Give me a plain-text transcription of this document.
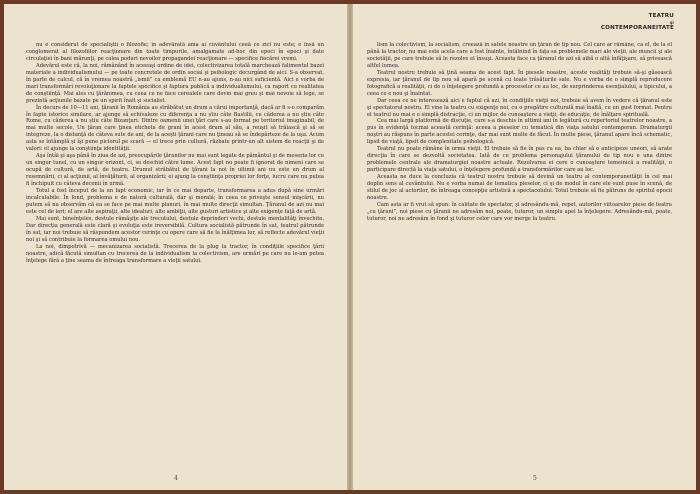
nu e considerat de specialiştii o filozofie; în adevărată ama ai cuvântului ceeă ce zici nu este; e însă un conglomerat al filozofiilor reacţionare din toate timpurile, amalgamate ad-hoc din epoci în epoci şi date circulaţiei în bani mărunţi, pe calea poduri nevoilor propagandei reacţionare — specifice fiecărei vremi.

Adevărul este că, la noi, rămânând în aceeaşi ordine de idei, colectivizarea totală marchează falimentul bazei materiale a individualismului — pe toate concretele de ordin social şi psihologic decurgând de aici. S-a observat, în parte de calcul, că în vremea noastră „ismii” ca emblemă EU n-au ajuns, n-au nici suficientă. Aici e vorba de mari transformări revoluţionare la faptele specifice şi faptura publică a individualismului, ca raport cu realitatea de conştiinţă. Mai ales cu ţărănimea, cu ceea ce ne face cerealele care devin mai greu şi mai nevoie să lege, se prezintă acţiunile bazate pe un spirit înalt şi socialist.

În decurs de 10—11 ani, ţăranii în România au străbătut un drum a cărui importanţă, dacă ar fi s-o comparăm în fapte istorice similare, ar ajunge să echivaleze cu diferenţa a nu știu câte Bastilii, cu căderea a nu știu câte Rome, cu căderea a nu știu câte Bizanţuri. Dintre oamenii unei ţări care s-au format pe teritoriul imaginabil, de mai multe secole, Un ţăran care ţinea eticheta de grani în acest drum al său, a reuşit să trăiască şi să se integreze, la o distanţă de câteva sute de ani, de la aceşti ţărani care nu ţineau să se îndepărteze de la uşa. Acum asta se întâmplă şi îşi pune piciorul pe scară — el trece prin cultură, răzbate printr-un alt sistem de reacţii şi de valori: el ajunge la conştiinţa identităţii.

Aşa întâi şi aşa până în ziua de azi, preocupările ţăranilor nu mai sunt legate de pământul şi de meseria lor cu un singur tunel, cu un singur orizont, ci, se deschid către lume. Acest fapt nu poate fi ignorat de nimeni care se ocupă de cultură, de artă, de teatru. Drumul străbătut de ţărani la noi în ultimii ani nu este un drum al resemnării, ci al acţiunii, al învăţăturii, al organizării; ei ajung la conştiinţa propriei lor forţe, lucru care nu putea fi închipuit cu câteva decenii în urmă.

Totul a fost început de la un fapt economic, iar în ce mai departe, transformarea a adus după sine urmări incalculabile. În fond, problema e de natură culturală, dar şi morală; în ceea ce priveşte sensul mişcării, nu putem să nu observăm că ea se face pe mai multe planuri, în mai multe direcţii simultan. Ţăranul de azi nu mai este cel de ieri; el are alte aspiraţii, alte idealuri, alte ambiţii, alte gusturi artistice şi alte exigenţe faţă de artă.

Mai sunt, bineînţeles, destule rămăşiţe ale trecutului, destule deprinderi vechi, destule mentalităţi învechite. Dar direcţia generală este clară şi evoluţia este ireversibilă. Cultura socialistă pătrunde în sat, teatrul pătrunde în sat, iar noi trebuie să răspundem acestor cerinţe cu opere care să fie la înălţimea lor, să reflecte adevărul vieţii noi şi să contribuie la formarea omului nou.

La noi, dimpotrivă — mecanizarea socialistă. Trecerea de la plug la tractor, în condiţiile specifice ţării noastre, adică făcută simultan cu trecerea de la individualism la colectivism, are urmări pe care nu le-am putea înţelege fără a ţine seama de întreaga transformare a vieţii satului.

4
TEATRU
şi
CONTEMPORANEITATE

lism la colectivism, la socialism, creează în satele noastre un ţăran de tip nou. Cel care ar rămâne, ca el, de la el până la tractor, nu mai este acela care a fost înainte, întâlnind în faţa sa problemele mari ale vieţii, ale muncii şi ale societăţii, pe care trebuie să le rezolve el însuşi. Aceasta face ca ţăranul de azi să aibă o altă înfăţişare, să privească altfel lumea.

Teatrul nostru trebuie să ţină seama de acest fapt. În piesele noastre, aceste realităţi trebuie să-şi găsească expresia, iar ţăranul de tip nou să apară pe scenă cu toate trăsăturile sale. Nu e vorba de o simplă reproducere fotografică a realităţii, ci de o înţelegere profundă a proceselor ce au loc, de surprinderea esenţialului, a tipicului, a ceea ce e nou şi înaintat.

Dar ceea ce ne interesează aici e faptul că azi, în condiţiile vieţii noi, trebuie să avem în vedere că ţăranul este şi spectatorul nostru. El vine la teatru cu exigenţe noi, cu o pregătire culturală mai înaltă, cu un gust format. Pentru el teatrul nu mai e o simplă distracţie, ci un mijloc de cunoaştere a vieţii, de educaţie, de înălţare spirituală.

Cea mai largă platformă de discuţie, care s-a deschis în ultimii ani în legătură cu repertoriul teatrelor noastre, a pus în evidenţă tocmai această cerinţă: aceea a pieselor cu tematică din viaţa satului contemporan. Dramaturgii noştri au răspuns în parte acestei cerinţe, dar mai sunt multe de făcut. În multe piese, ţăranul apare încă schematic, lipsit de viaţă, lipsit de complexitate psihologică.

Teatrul nu poate rămâne în urma vieţii. El trebuie să fie în pas cu ea, ba chiar să o anticipeze uneori, să arate direcţia în care se dezvoltă societatea. Iată de ce problema personajului ţăranului de tip nou e una dintre problemele centrale ale dramaturgiei noastre actuale. Rezolvarea ei cere o cunoaştere temeinică a realităţii, o participare directă la viaţa satului, o înţelegere profundă a transformărilor care au loc.

Aceasta ne duce la concluzia că teatrul nostru trebuie să devină un teatru al contemporaneităţii în cel mai deplin sens al cuvântului. Nu e vorba numai de tematica pieselor, ci şi de modul în care ele sunt puse în scenă, de stilul de joc al actorilor, de întreaga concepţie artistică a spectacolului. Totul trebuie să fie pătruns de spiritul epocii noastre.

Cam asta ar fi vrut să spun: în calitate de spectator, şi adresându-mă, repet, autorilor viitoarelor piese de teatru „cu ţărani”, noi piese cu ţăranii ne adresăm noi, poate, tuturor, un simplu apel la înţelegere. Adresăndu-mă, poate, tuturor, noi ne adresăm în fond şi tuturor celor care vor merge la teatru.

5
